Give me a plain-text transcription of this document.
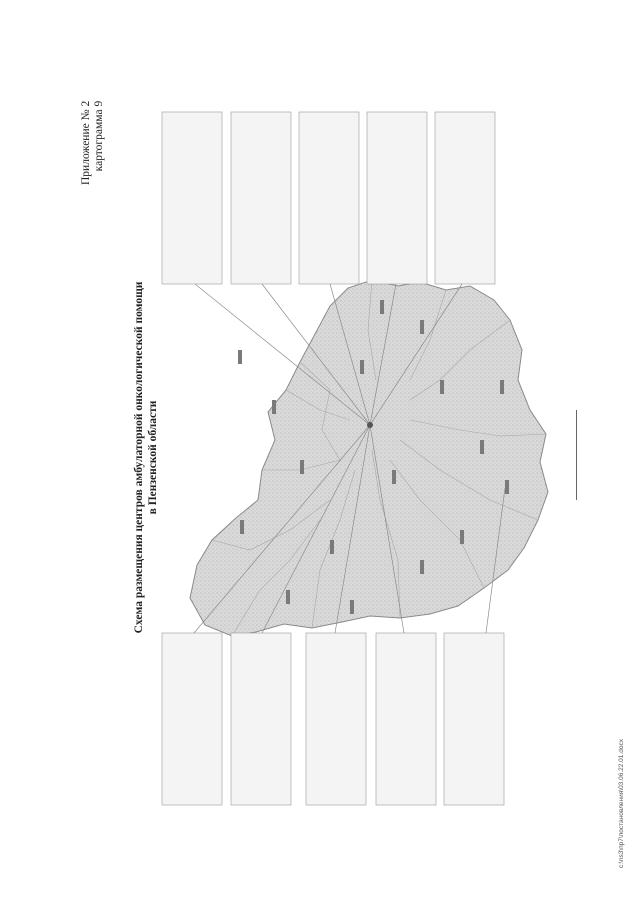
Приложение № 2 картограмма 9
Схема размещения центров амбулаторной онкологической помощи в Пензенской области
c:\ns3\пр7\постановления\03.06.22.01.docx
